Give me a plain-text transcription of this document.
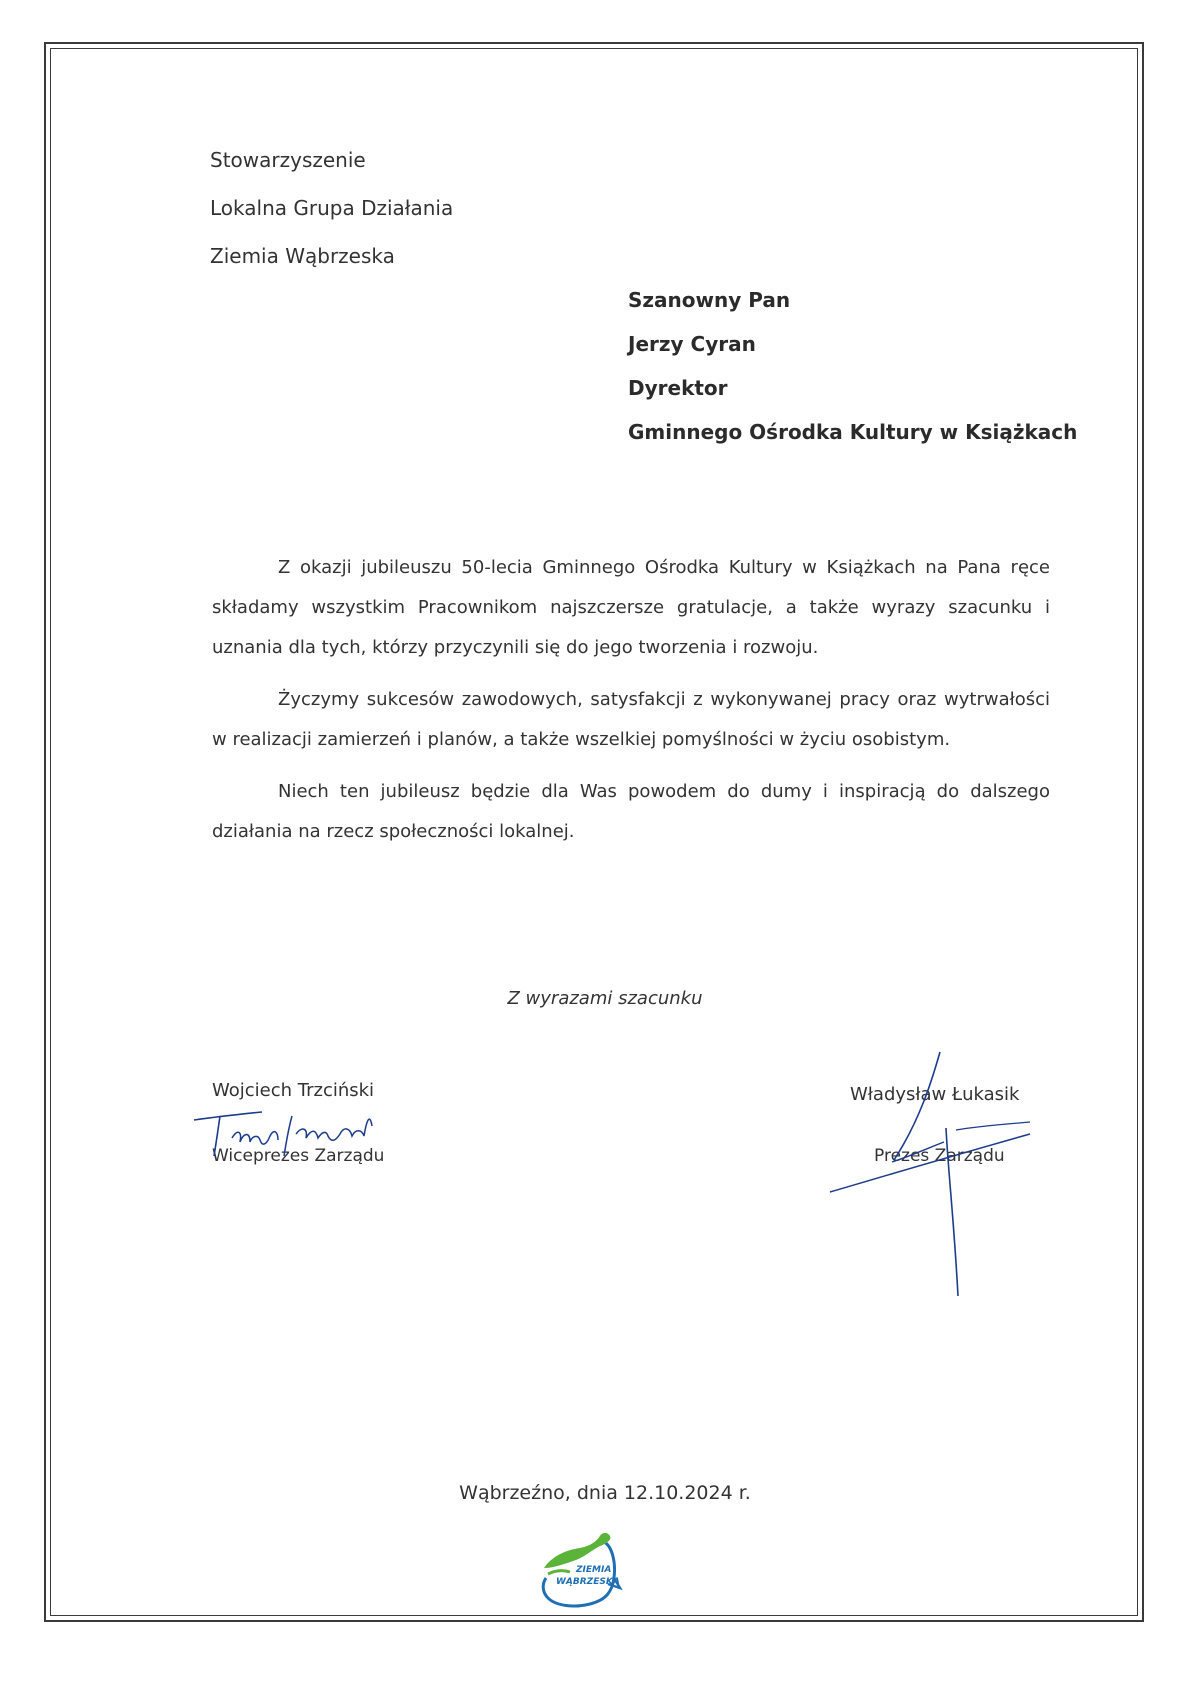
Stowarzyszenie
Lokalna Grupa Działania
Ziemia Wąbrzeska
Szanowny Pan
Jerzy Cyran
Dyrektor
Gminnego Ośrodka Kultury w Książkach

Z okazji jubileuszu 50-lecia Gminnego Ośrodka Kultury w Książkach na Pana ręce składamy wszystkim Pracownikom najszczersze gratulacje, a także wyrazy szacunku i uznania dla tych, którzy przyczynili się do jego tworzenia i rozwoju.

Życzymy sukcesów zawodowych, satysfakcji z wykonywanej pracy oraz wytrwałości w realizacji zamierzeń i planów, a także wszelkiej pomyślności w życiu osobistym.

Niech ten jubileusz będzie dla Was powodem do dumy i inspiracją do dalszego działania na rzecz społeczności lokalnej.

Z wyrazami szacunku
Wojciech Trzciński
Wiceprezes Zarządu
Władysław Łukasik
Prezes Zarządu
Wąbrzeźno, dnia 12.10.2024 r.
ZIEMIA
WĄBRZESKA
